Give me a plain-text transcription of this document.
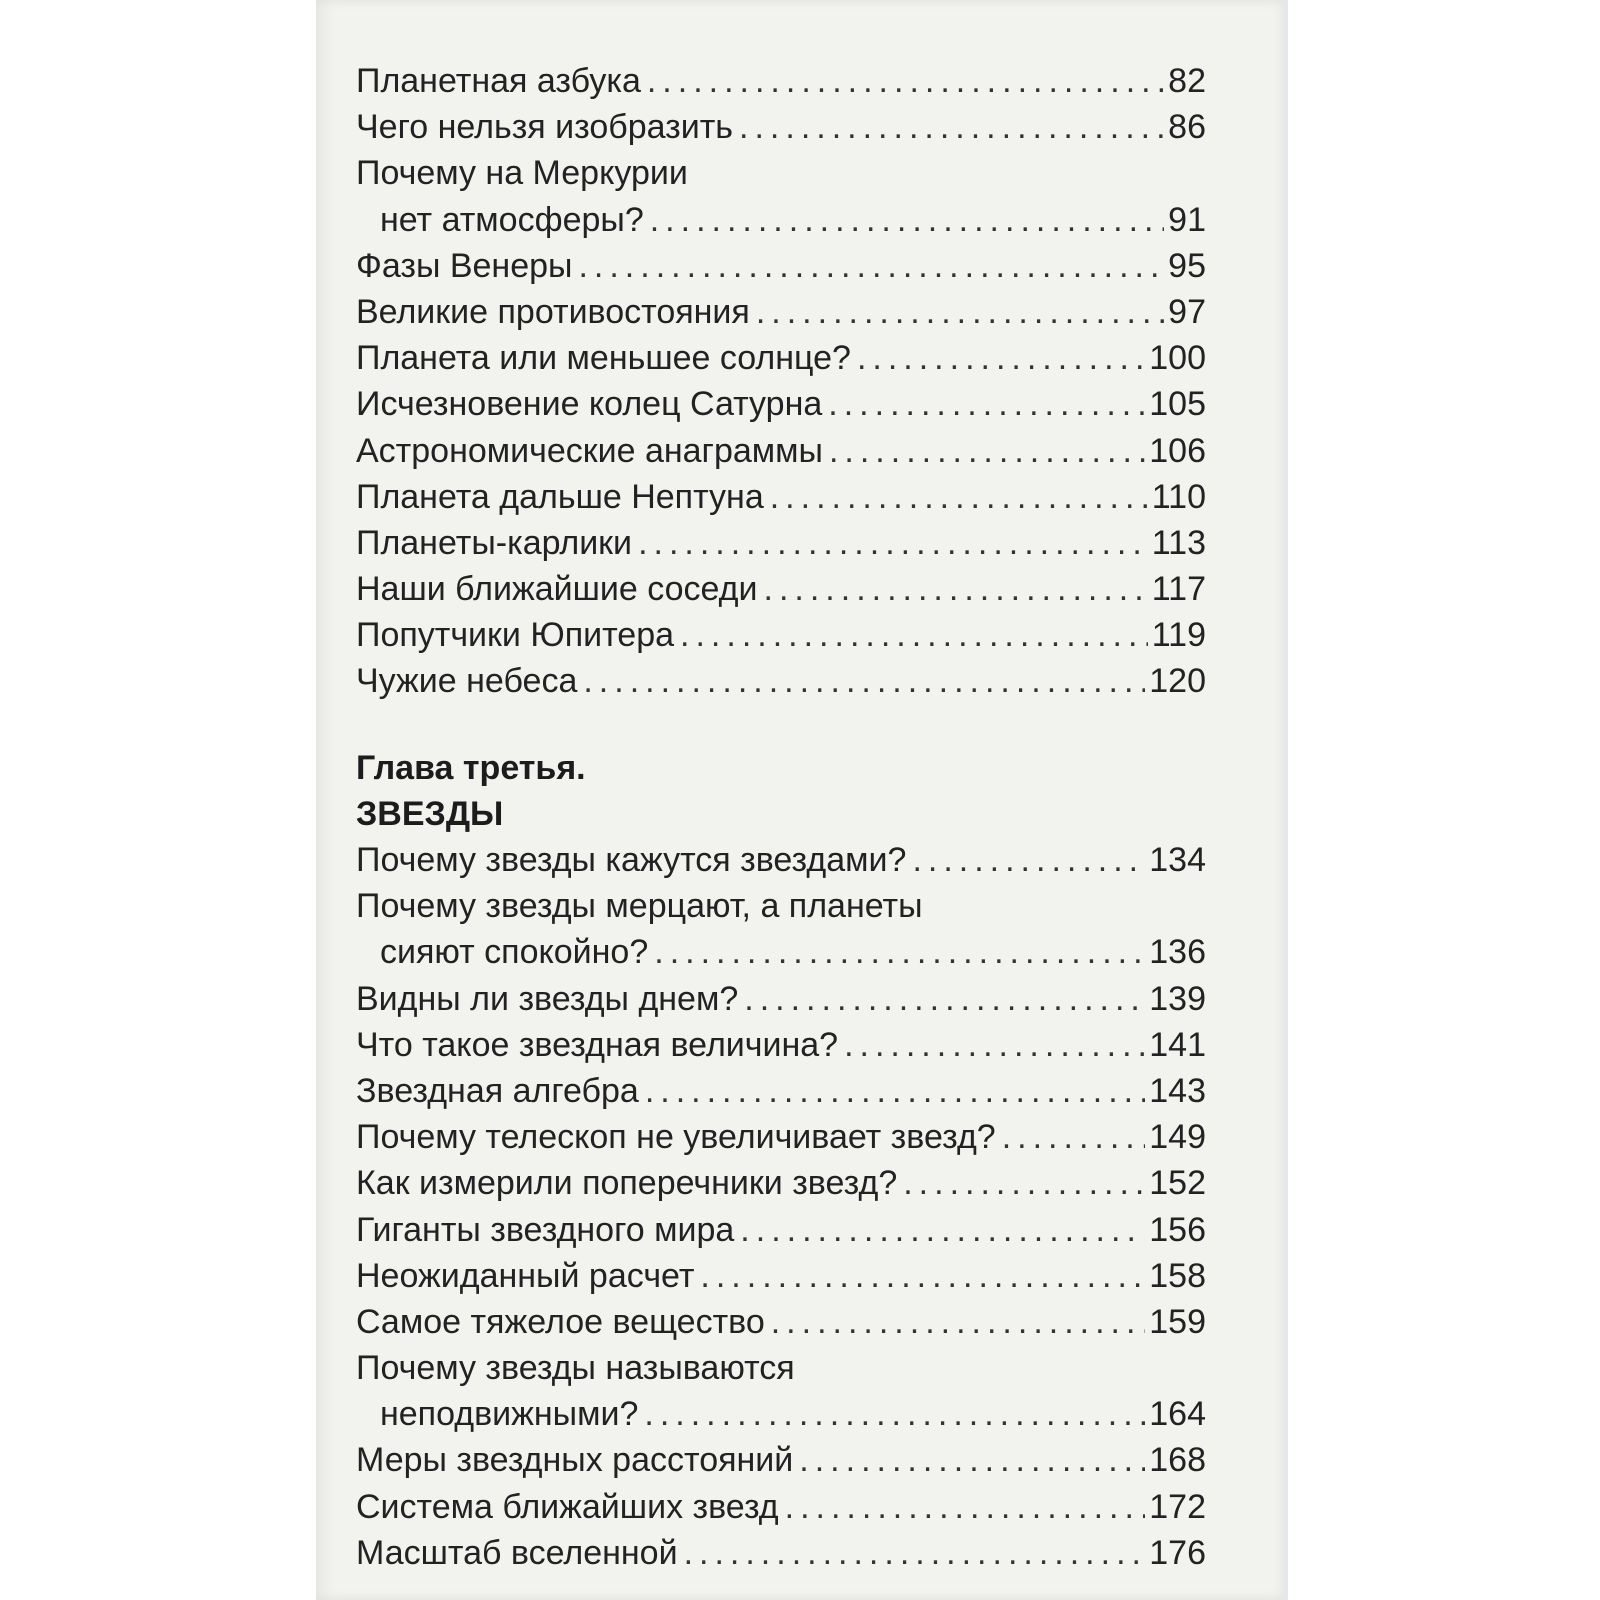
Планетная азбука .....	82
Чего нельзя изобразить .....	86
Почему на Меркурии
нет атмосферы? .....	91
Фазы Венеры .....	95
Великие противостояния .....	97
Планета или меньшее солнце? .....	100
Исчезновение колец Сатурна .....	105
Астрономические анаграммы .....	106
Планета дальше Нептуна .....	110
Планеты-карлики .....	113
Наши ближайшие соседи .....	117
Попутчики Юпитера .....	119
Чужие небеса .....	120
Глава третья.
ЗВЕЗДЫ
Почему звезды кажутся звездами? .....	134
Почему звезды мерцают, а планеты
сияют спокойно? .....	136
Видны ли звезды днем? .....	139
Что такое звездная величина? .....	141
Звездная алгебра .....	143
Почему телескоп не увеличивает звезд? .....	149
Как измерили поперечники звезд? .....	152
Гиганты звездного мира .....	156
Неожиданный расчет .....	158
Самое тяжелое вещество .....	159
Почему звезды называются
неподвижными? .....	164
Меры звездных расстояний .....	168
Система ближайших звезд .....	172
Масштаб вселенной .....	176
